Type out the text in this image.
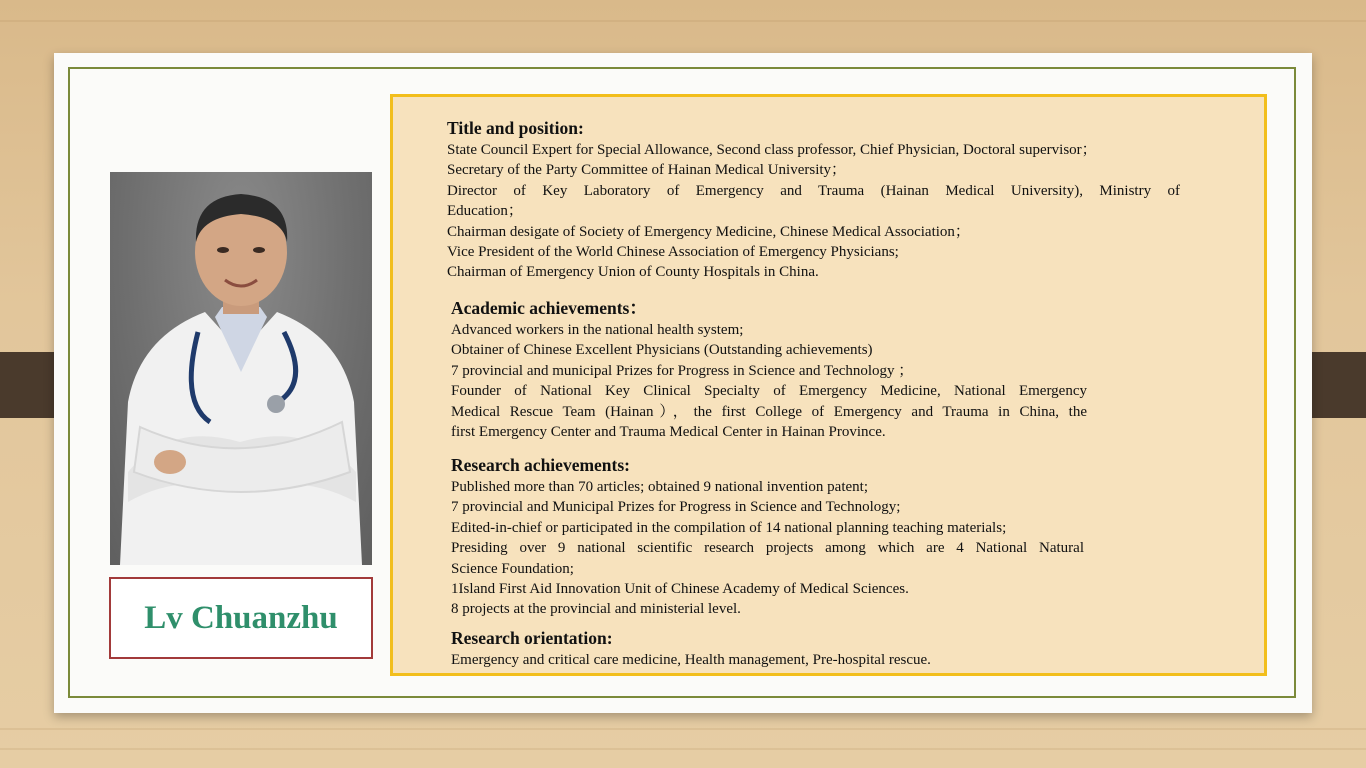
Lv Chuanzhu
Title and position:

State Council Expert for Special Allowance, Second class professor, Chief Physician, Doctoral supervisor；

Secretary of the Party Committee of Hainan Medical University；

Director of Key Laboratory of Emergency and Trauma (Hainan Medical University), Ministry of

Education；

Chairman desigate of Society of Emergency Medicine, Chinese Medical Association；

Vice President of the World Chinese Association of Emergency Physicians;

Chairman of Emergency Union of County Hospitals in China.

Academic achievements：

Advanced workers in the national health system;

Obtainer of Chinese Excellent Physicians (Outstanding achievements)

7 provincial and municipal Prizes for Progress in Science and Technology ；

Founder of National Key Clinical Specialty of Emergency Medicine, National Emergency

Medical Rescue Team (Hainan），the first College of Emergency and Trauma in China, the

first Emergency Center and Trauma Medical Center in Hainan Province.

Research achievements:

Published more than 70 articles; obtained 9 national invention patent;

7 provincial and Municipal Prizes for Progress in Science and Technology;

Edited-in-chief or participated in the compilation of 14 national planning teaching materials;

Presiding over 9 national scientific research projects among which are 4 National Natural

Science Foundation;

1Island First Aid Innovation Unit of Chinese Academy of Medical Sciences.

8 projects at the provincial and ministerial level.

Research orientation:

Emergency and critical care medicine, Health management, Pre-hospital rescue.
